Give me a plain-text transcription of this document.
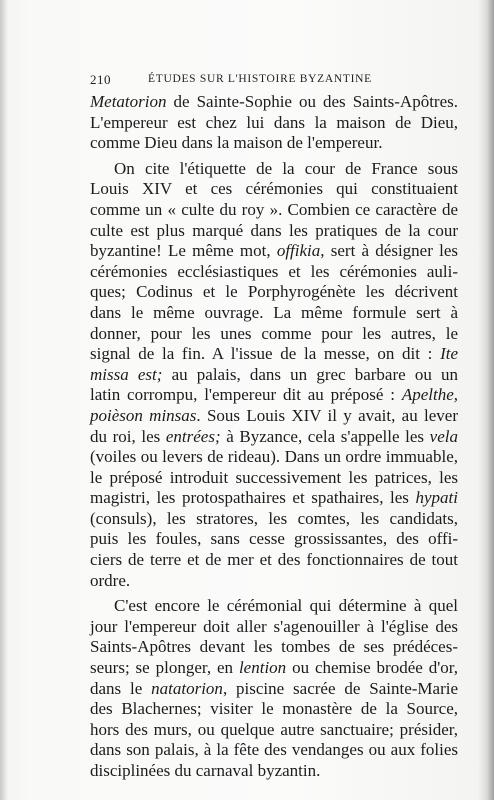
210	ÉTUDES SUR L'HISTOIRE BYZANTINE
Metatorion de Sainte-Sophie ou des Saints-Apôtres.
L'empereur est chez lui dans la maison de Dieu,
comme Dieu dans la maison de l'empereur.
On cite l'étiquette de la cour de France sous
Louis XIV et ces cérémonies qui constituaient
comme un « culte du roy ». Combien ce caractère de
culte est plus marqué dans les pratiques de la cour
byzantine! Le même mot, offikia, sert à désigner les
cérémonies ecclésiastiques et les cérémonies auli-
ques; Codinus et le Porphyrogénète les décrivent
dans le même ouvrage. La même formule sert à
donner, pour les unes comme pour les autres, le
signal de la fin. A l'issue de la messe, on dit : Ite
missa est; au palais, dans un grec barbare ou un
latin corrompu, l'empereur dit au préposé : Apelthe,
poièson minsas. Sous Louis XIV il y avait, au lever
du roi, les entrées; à Byzance, cela s'appelle les vela
(voiles ou levers de rideau). Dans un ordre immuable,
le préposé introduit successivement les patrices, les
magistri, les protospathaires et spathaires, les hypati
(consuls), les stratores, les comtes, les candidats,
puis les foules, sans cesse grossissantes, des offi-
ciers de terre et de mer et des fonctionnaires de tout
ordre.
C'est encore le cérémonial qui détermine à quel
jour l'empereur doit aller s'agenouiller à l'église des
Saints-Apôtres devant les tombes de ses prédéces-
seurs; se plonger, en lention ou chemise brodée d'or,
dans le natatorion, piscine sacrée de Sainte-Marie
des Blachernes; visiter le monastère de la Source,
hors des murs, ou quelque autre sanctuaire; présider,
dans son palais, à la fête des vendanges ou aux folies
disciplinées du carnaval byzantin.
